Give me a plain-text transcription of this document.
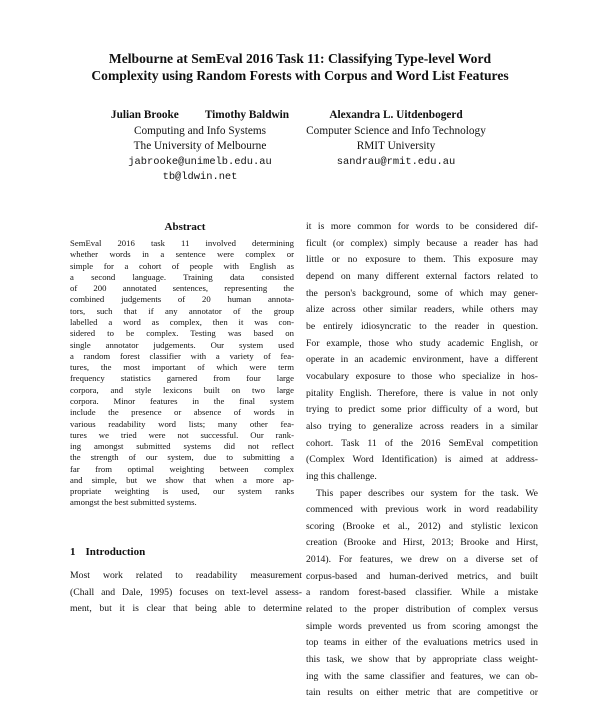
Melbourne at SemEval 2016 Task 11: Classifying Type-level Word
Complexity using Random Forests with Corpus and Word List Features
Julian Brooke Timothy Baldwin
Computing and Info Systems
The University of Melbourne
jabrooke@unimelb.edu.au
tb@ldwin.net
Alexandra L. Uitdenbogerd
Computer Science and Info Technology
RMIT University
sandrau@rmit.edu.au
Abstract
SemEval 2016 task 11 involved determining
whether words in a sentence were complex or
simple for a cohort of people with English as
a second language. Training data consisted
of 200 annotated sentences, representing the
combined judgements of 20 human annota-
tors, such that if any annotator of the group
labelled a word as complex, then it was con-
sidered to be complex. Testing was based on
single annotator judgements. Our system used
a random forest classifier with a variety of fea-
tures, the most important of which were term
frequency statistics garnered from four large
corpora, and style lexicons built on two large
corpora. Minor features in the final system
include the presence or absence of words in
various readability word lists; many other fea-
tures we tried were not successful. Our rank-
ing amongst submitted systems did not reflect
the strength of our system, due to submitting a
far from optimal weighting between complex
and simple, but we show that when a more ap-
propriate weighting is used, our system ranks
amongst the best submitted systems.
1 Introduction
Most work related to readability measurement
(Chall and Dale, 1995) focuses on text-level assess-
ment, but it is clear that being able to determine
it is more common for words to be considered dif-
ficult (or complex) simply because a reader has had
little or no exposure to them. This exposure may
depend on many different external factors related to
the person's background, some of which may gener-
alize across other similar readers, while others may
be entirely idiosyncratic to the reader in question.
For example, those who study academic English, or
operate in an academic environment, have a different
vocabulary exposure to those who specialize in hos-
pitality English. Therefore, there is value in not only
trying to predict some prior difficulty of a word, but
also trying to generalize across readers in a similar
cohort. Task 11 of the 2016 SemEval competition
(Complex Word Identification) is aimed at address-
ing this challenge.
This paper describes our system for the task. We
commenced with previous work in word readability
scoring (Brooke et al., 2012) and stylistic lexicon
creation (Brooke and Hirst, 2013; Brooke and Hirst,
2014). For features, we drew on a diverse set of
corpus-based and human-derived metrics, and built
a random forest-based classifier. While a mistake
related to the proper distribution of complex versus
simple words prevented us from scoring amongst the
top teams in either of the evaluations metrics used in
this task, we show that by appropriate class weight-
ing with the same classifier and features, we can ob-
tain results on either metric that are competitive or
